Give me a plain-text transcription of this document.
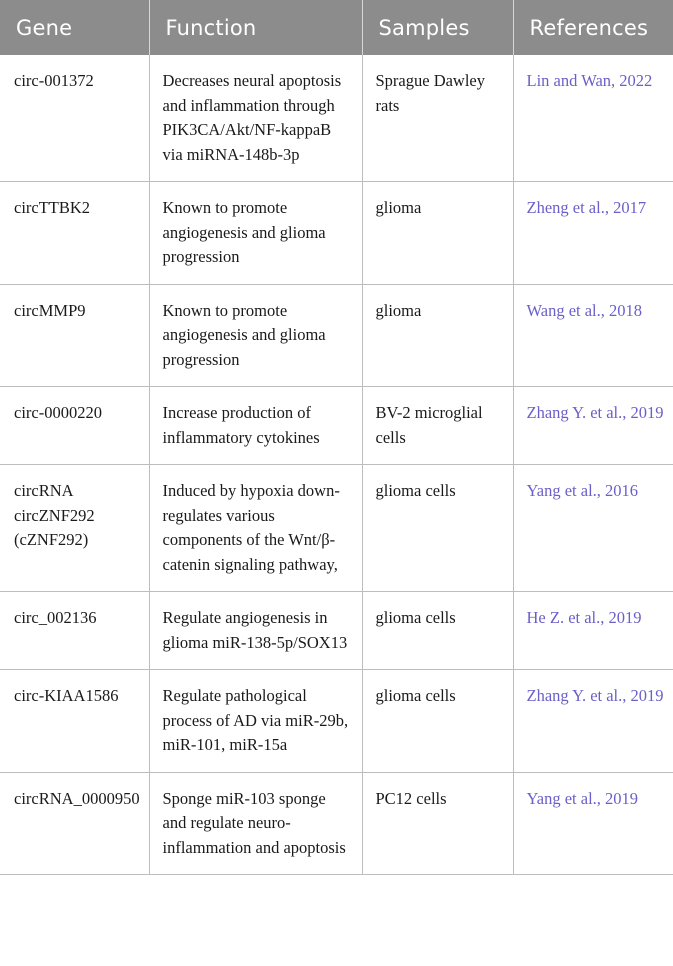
Gene	Function	Samples	References
circ-001372	Decreases neural apoptosis and inflammation through PIK3CA/Akt/NF-kappaB via miRNA-148b-3p	Sprague Dawley rats	Lin and Wan, 2022
circTTBK2	Known to promote angiogenesis and glioma progression	glioma	Zheng et al., 2017
circMMP9	Known to promote angiogenesis and glioma progression	glioma	Wang et al., 2018
circ-0000220	Increase production of inflammatory cytokines	BV-2 microglial cells	Zhang Y. et al., 2019
circRNA circZNF292 (cZNF292)	Induced by hypoxia down-regulates various components of the Wnt/β-catenin signaling pathway,	glioma cells	Yang et al., 2016
circ_002136	Regulate angiogenesis in glioma miR-138-5p/SOX13	glioma cells	He Z. et al., 2019
circ-KIAA1586	Regulate pathological process of AD via miR-29b, miR-101, miR-15a	glioma cells	Zhang Y. et al., 2019
circRNA_0000950	Sponge miR-103 sponge and regulate neuro-inflammation and apoptosis	PC12 cells	Yang et al., 2019
